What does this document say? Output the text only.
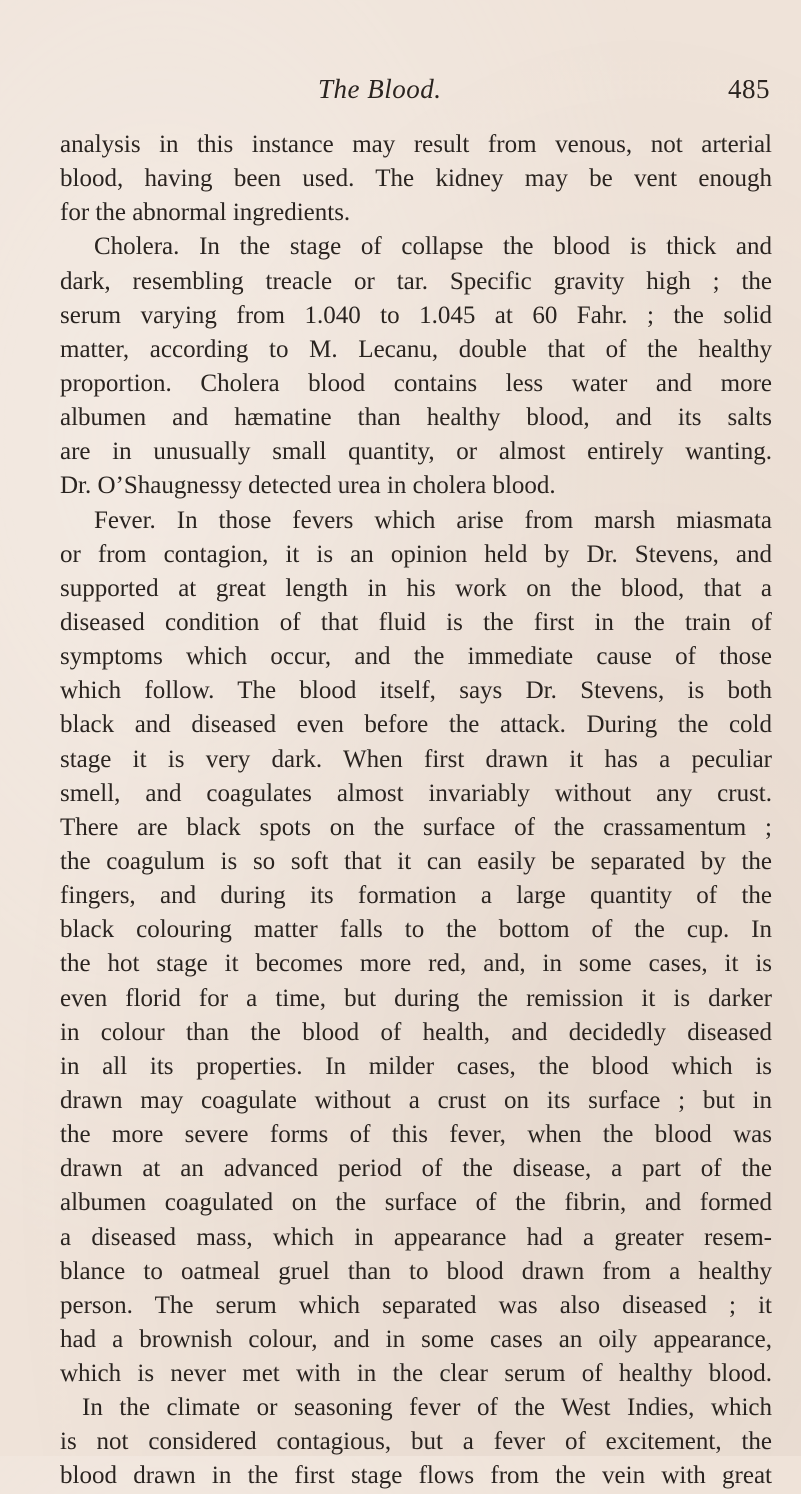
The Blood.	485
analysis in this instance may result from venous, not arterial
blood, having been used. The kidney may be vent enough
for the abnormal ingredients.
Cholera. In the stage of collapse the blood is thick and
dark, resembling treacle or tar. Specific gravity high ; the
serum varying from 1.040 to 1.045 at 60 Fahr. ; the solid
matter, according to M. Lecanu, double that of the healthy
proportion. Cholera blood contains less water and more
albumen and hæmatine than healthy blood, and its salts
are in unusually small quantity, or almost entirely wanting.
Dr. O’Shaugnessy detected urea in cholera blood.
Fever. In those fevers which arise from marsh miasmata
or from contagion, it is an opinion held by Dr. Stevens, and
supported at great length in his work on the blood, that a
diseased condition of that fluid is the first in the train of
symptoms which occur, and the immediate cause of those
which follow. The blood itself, says Dr. Stevens, is both
black and diseased even before the attack. During the cold
stage it is very dark. When first drawn it has a peculiar
smell, and coagulates almost invariably without any crust.
There are black spots on the surface of the crassamentum ;
the coagulum is so soft that it can easily be separated by the
fingers, and during its formation a large quantity of the
black colouring matter falls to the bottom of the cup. In
the hot stage it becomes more red, and, in some cases, it is
even florid for a time, but during the remission it is darker
in colour than the blood of health, and decidedly diseased
in all its properties. In milder cases, the blood which is
drawn may coagulate without a crust on its surface ; but in
the more severe forms of this fever, when the blood was
drawn at an advanced period of the disease, a part of the
albumen coagulated on the surface of the fibrin, and formed
a diseased mass, which in appearance had a greater resem-
blance to oatmeal gruel than to blood drawn from a healthy
person. The serum which separated was also diseased ; it
had a brownish colour, and in some cases an oily appearance,
which is never met with in the clear serum of healthy blood.
In the climate or seasoning fever of the West Indies, which
is not considered contagious, but a fever of excitement, the
blood drawn in the first stage flows from the vein with great
